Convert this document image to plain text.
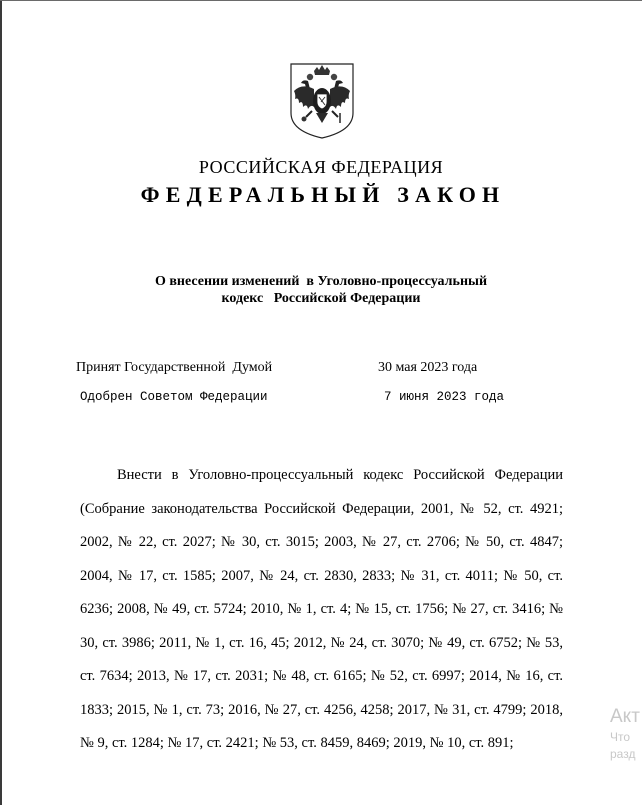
РОССИЙСКАЯ ФЕДЕРАЦИЯ
ФЕДЕРАЛЬНЫЙ ЗАКОН
О внесении изменений  в Уголовно-процессуальный
кодекс   Российской Федерации
Принят Государственной  Думой	30 мая 2023 года
Одобрен Советом Федерации	7 июня 2023 года
Внести в Уголовно-процессуальный кодекс Российской Федерации (Собрание законодательства Российской Федерации, 2001, № 52, ст. 4921; 2002, № 22, ст. 2027; № 30, ст. 3015; 2003, № 27, ст. 2706; № 50, ст. 4847; 2004, № 17, ст. 1585; 2007, № 24, ст. 2830, 2833; № 31, ст. 4011; № 50, ст. 6236; 2008, № 49, ст. 5724; 2010, № 1, ст. 4; № 15, ст. 1756; № 27, ст. 3416; № 30, ст. 3986; 2011, № 1, ст. 16, 45; 2012, № 24, ст. 3070; № 49, ст. 6752; № 53, ст. 7634; 2013, № 17, ст. 2031; № 48, ст. 6165; № 52, ст. 6997; 2014, № 16, ст. 1833; 2015, № 1, ст. 73; 2016, № 27, ст. 4256, 4258; 2017, № 31, ст. 4799; 2018, № 9, ст. 1284; № 17, ст. 2421; № 53, ст. 8459, 8469; 2019, № 10, ст. 891;
Акт
Что
разд
